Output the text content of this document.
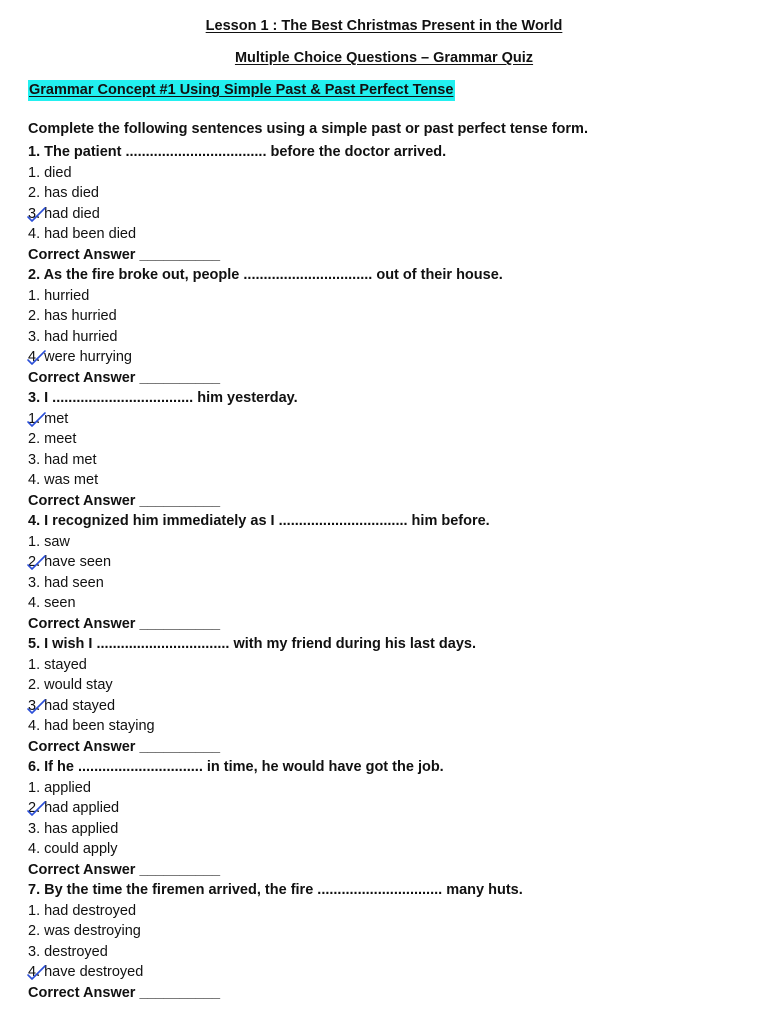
Lesson 1 : The Best Christmas Present in the World
Multiple Choice Questions – Grammar Quiz
Grammar Concept #1 Using Simple Past & Past Perfect Tense
Complete the following sentences using a simple past or past perfect tense form.
1. The patient ................................... before the doctor arrived.
1. died
2. has died
3. had died
4. had been died
Correct Answer __________
2. As the fire broke out, people ................................ out of their house.
1. hurried
2. has hurried
3. had hurried
4. were hurrying
Correct Answer __________
3. I ................................... him yesterday.
1. met
2. meet
3. had met
4. was met
Correct Answer __________
4. I recognized him immediately as I ................................ him before.
1. saw
2. have seen
3. had seen
4. seen
Correct Answer __________
5. I wish I ................................. with my friend during his last days.
1. stayed
2. would stay
3. had stayed
4. had been staying
Correct Answer __________
6. If he ............................... in time, he would have got the job.
1. applied
2. had applied
3. has applied
4. could apply
Correct Answer __________
7. By the time the firemen arrived, the fire ............................... many huts.
1. had destroyed
2. was destroying
3. destroyed
4. have destroyed
Correct Answer __________
